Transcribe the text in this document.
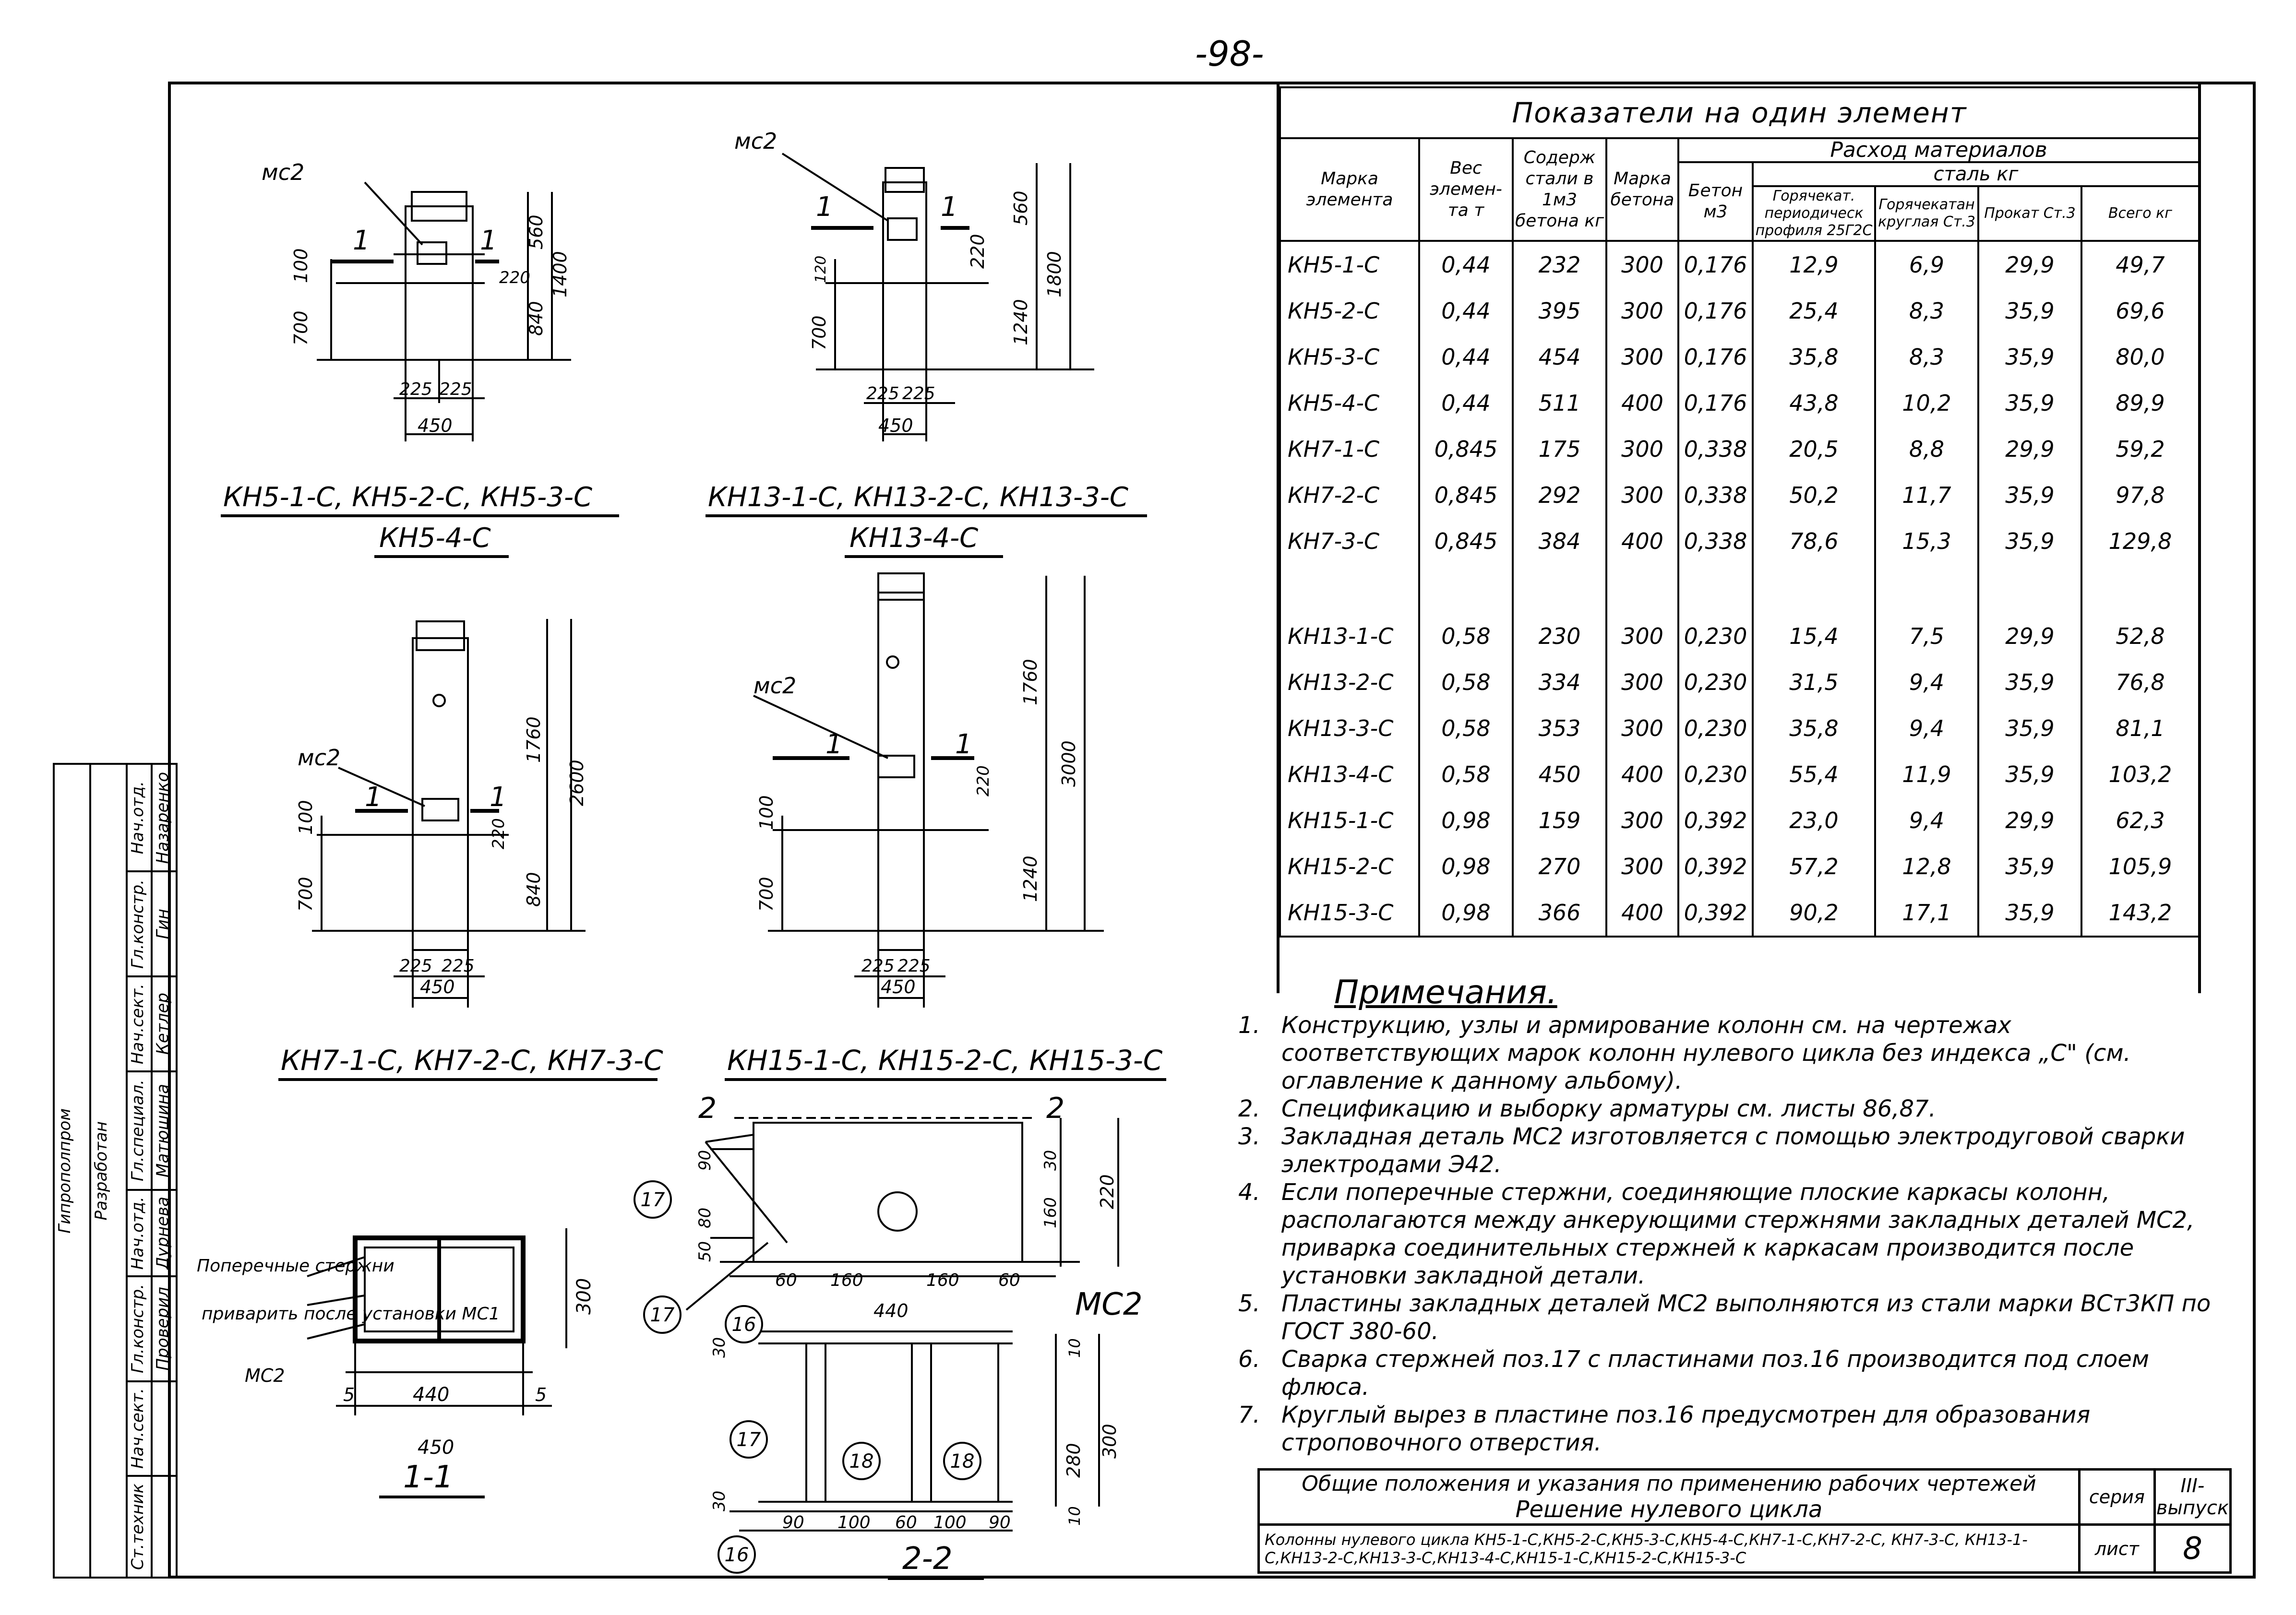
-98-
мс2
1	1
100
700
560
220
840
1400
225 225
450
КН5-1-С, КН5-2-С, КН5-3-С
КН5-4-С
мс2
1	1
120
700
560
220
1240
1800
225 225
450
КН13-1-С, КН13-2-С, КН13-3-С
КН13-4-С
мс2
1	1
100
700
1760
220
840
2600
225 225
450
КН7-1-С, КН7-2-С, КН7-3-С
мс2
1	1
100
700
1760
220
1240
3000
225 225
450
КН15-1-С, КН15-2-С, КН15-3-С
Поперечные стержни
приварить после установки МС1
МС2
440
5	5
450
300
1-1
2	2
60 160	160 60
440
90
80
50
30
160
220
МС2
30
30
280
300
10
10
90 100 60 100 90
2-2
17
17	16
17
18	18
16
Показатели на один элемент								
Марка элемента	Вес элемен- та т	Содерж стали в 1м3 бетона кг	Марка бетона	Расход материалов				
				Бетон м3	сталь кг			
					Горячекат. периодическ профиля 25Г2С	Горячекатан круглая Ст.3	Прокат Ст.3	Всего кг
КН5-1-С	0,44	232	300	0,176	12,9	6,9	29,9	49,7
КН5-2-С	0,44	395	300	0,176	25,4	8,3	35,9	69,6
КН5-3-С	0,44	454	300	0,176	35,8	8,3	35,9	80,0
КН5-4-С	0,44	511	400	0,176	43,8	10,2	35,9	89,9
КН7-1-С	0,845	175	300	0,338	20,5	8,8	29,9	59,2
КН7-2-С	0,845	292	300	0,338	50,2	11,7	35,9	97,8
КН7-3-С	0,845	384	400	0,338	78,6	15,3	35,9	129,8

КН13-1-С	0,58	230	300	0,230	15,4	7,5	29,9	52,8
КН13-2-С	0,58	334	300	0,230	31,5	9,4	35,9	76,8
КН13-3-С	0,58	353	300	0,230	35,8	9,4	35,9	81,1
КН13-4-С	0,58	450	400	0,230	55,4	11,9	35,9	103,2
КН15-1-С	0,98	159	300	0,392	23,0	9,4	29,9	62,3
КН15-2-С	0,98	270	300	0,392	57,2	12,8	35,9	105,9
КН15-3-С	0,98	366	400	0,392	90,2	17,1	35,9	143,2
Примечания.
1. Конструкцию, узлы и армирование колонн см. на чертежах соответствующих марок колонн нулевого цикла без индекса „С" (см. оглавление к данному альбому).
2. Спецификацию и выборку арматуры см. листы 86,87.
3. Закладная деталь МС2 изготовляется с помощью электродуговой сварки электродами Э42.
4. Если поперечные стержни, соединяющие плоские каркасы колонн, располагаются между анкерующими стержнями закладных деталей МС2, приварка соединительных стержней к каркасам производится после установки закладной детали.
5. Пластины закладных деталей МС2 выполняются из стали марки ВСт3КП по ГОСТ 380-60.
6. Сварка стержней поз.17 с пластинами поз.16 производится под слоем флюса.
7. Круглый вырез в пластине поз.16 предусмотрен для образования строповочного отверстия.
Общие положения и указания по применению рабочих чертежей
Решение нулевого цикла	серия	III-выпуск
Колонны нулевого цикла КН5-1-С,КН5-2-С,КН5-3-С,КН5-4-С,КН7-1-С,КН7-2-С, КН7-3-С, КН13-1-С,КН13-2-С,КН13-3-С,КН13-4-С,КН15-1-С,КН15-2-С,КН15-3-С	лист	8
Гипрополпром	Разработан	Нач.отд.	Назаренко

		Гл.констр.	Гин

		Нач.сект.	Кетлер

		Гл.специал.	Матюшина

		Нач.отд.	Дурнева

		Гл.констр.	Проверил

		Нач.сект.	

		Ст.техник	
